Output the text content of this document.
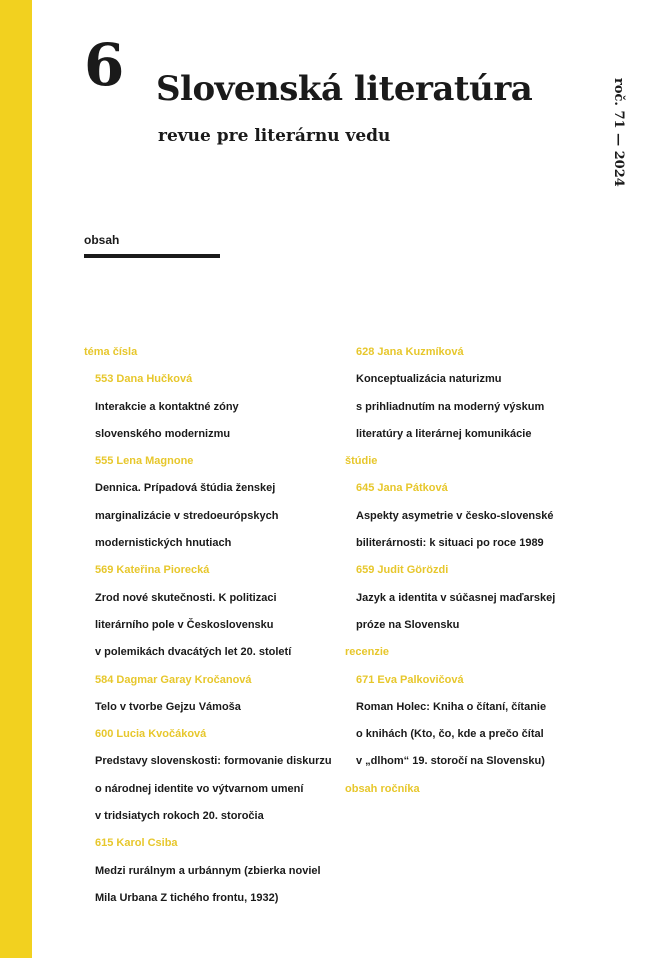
6 Slovenská literatúra
revue pre literárnu vedu	roč. 71 — 2024
obsah
téma čísla
553 Dana Hučková
Interakcie a kontaktné zóny
slovenského modernizmu
555 Lena Magnone
Dennica. Prípadová štúdia ženskej
marginalizácie v stredoeurópskych
modernistických hnutiach
569 Kateřina Piorecká
Zrod nové skutečnosti. K politizaci
literárního pole v Československu
v polemikách dvacátých let 20. století
584 Dagmar Garay Kročanová
Telo v tvorbe Gejzu Vámoša
600 Lucia Kvočáková
Predstavy slovenskosti: formovanie diskurzu
o národnej identite vo výtvarnom umení
v tridsiatych rokoch 20. storočia
615 Karol Csiba
Medzi rurálnym a urbánnym (zbierka noviel
Mila Urbana Z tichého frontu, 1932)
628 Jana Kuzmíková
Konceptualizácia naturizmu
s prihliadnutím na moderný výskum
literatúry a literárnej komunikácie
štúdie
645 Jana Pátková
Aspekty asymetrie v česko-slovenské
biliterárnosti: k situaci po roce 1989
659 Judit Görözdi
Jazyk a identita v súčasnej maďarskej
próze na Slovensku
recenzie
671 Eva Palkovičová
Roman Holec: Kniha o čítaní, čítanie
o knihách (Kto, čo, kde a prečo čítal
v „dlhom“ 19. storočí na Slovensku)
obsah ročníka
